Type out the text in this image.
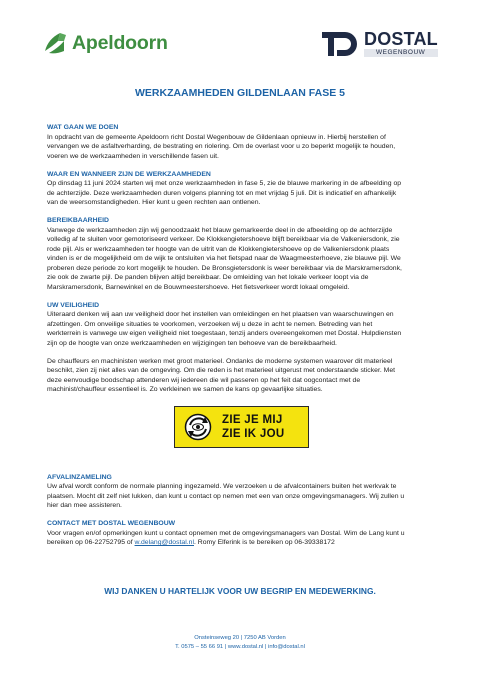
Apeldoorn	DOSTAL
WEGENBOUW
WERKZAAMHEDEN GILDENLAAN FASE 5
WAT GAAN WE DOEN
In opdracht van de gemeente Apeldoorn richt Dostal Wegenbouw de Gildenlaan opnieuw in. Hierbij herstellen of
vervangen we de asfaltverharding, de bestrating en riolering. Om de overlast voor u zo beperkt mogelijk te houden,
voeren we de werkzaamheden in verschillende fasen uit.
WAAR EN WANNEER ZIJN DE WERKZAAMHEDEN
Op dinsdag 11 juni 2024 starten wij met onze werkzaamheden in fase 5, zie de blauwe markering in de afbeelding op
de achterzijde. Deze werkzaamheden duren volgens planning tot en met vrijdag 5 juli. Dit is indicatief en afhankelijk
van de weersomstandigheden. Hier kunt u geen rechten aan ontlenen.
BEREIKBAARHEID
Vanwege de werkzaamheden zijn wij genoodzaakt het blauw gemarkeerde deel in de afbeelding op de achterzijde
volledig af te sluiten voor gemotoriseerd verkeer. De Klokkengietershoeve blijft bereikbaar via de Valkeniersdonk, zie
rode pijl. Als er werkzaamheden ter hoogte van de uitrit van de Klokkengietershoeve op de Valkeniersdonk plaats
vinden is er de mogelijkheid om de wijk te ontsluiten via het fietspad naar de Waagmeesterhoeve, zie blauwe pijl. We
proberen deze periode zo kort mogelijk te houden. De Bronsgietersdonk is weer bereikbaar via de Marskramersdonk,
zie ook de zwarte pijl. De panden blijven altijd bereikbaar. De omleiding van het lokale verkeer loopt via de
Marskramersdonk, Barnewinkel en de Bouwmeestershoeve. Het fietsverkeer wordt lokaal omgeleid.
UW VEILIGHEID
Uiteraard denken wij aan uw veiligheid door het instellen van omleidingen en het plaatsen van waarschuwingen en
afzettingen. Om onveilige situaties te voorkomen, verzoeken wij u deze in acht te nemen. Betreding van het
werkterrein is vanwege uw eigen veiligheid niet toegestaan, tenzij anders overeengekomen met Dostal. Hulpdiensten
zijn op de hoogte van onze werkzaamheden en wijzigingen ten behoeve van de bereikbaarheid.
De chauffeurs en machinisten werken met groot materieel. Ondanks de moderne systemen waarover dit materieel
beschikt, zien zij niet alles van de omgeving. Om die reden is het materieel uitgerust met onderstaande sticker. Met
deze eenvoudige boodschap attenderen wij iedereen die wil passeren op het feit dat oogcontact met de
machinist/chauffeur essentieel is. Zo verkleinen we samen de kans op gevaarlijke situaties.
ZIE JE MIJ
ZIE IK JOU
AFVALINZAMELING
Uw afval wordt conform de normale planning ingezameld. We verzoeken u de afvalcontainers buiten het werkvak te
plaatsen. Mocht dit zelf niet lukken, dan kunt u contact op nemen met een van onze omgevingsmanagers. Wij zullen u
hier dan mee assisteren.
CONTACT MET DOSTAL WEGENBOUW
Voor vragen en/of opmerkingen kunt u contact opnemen met de omgevingsmanagers van Dostal. Wim de Lang kunt u
bereiken op 06-22752795 of w.delang@dostal.nl. Romy Elferink is te bereiken op 06-39338172
WIJ DANKEN U HARTELIJK VOOR UW BEGRIP EN MEDEWERKING.
Onsteinseweg 20 | 7250 AB Vorden
T. 0575 – 55 66 91 | www.dostal.nl | info@dostal.nl
